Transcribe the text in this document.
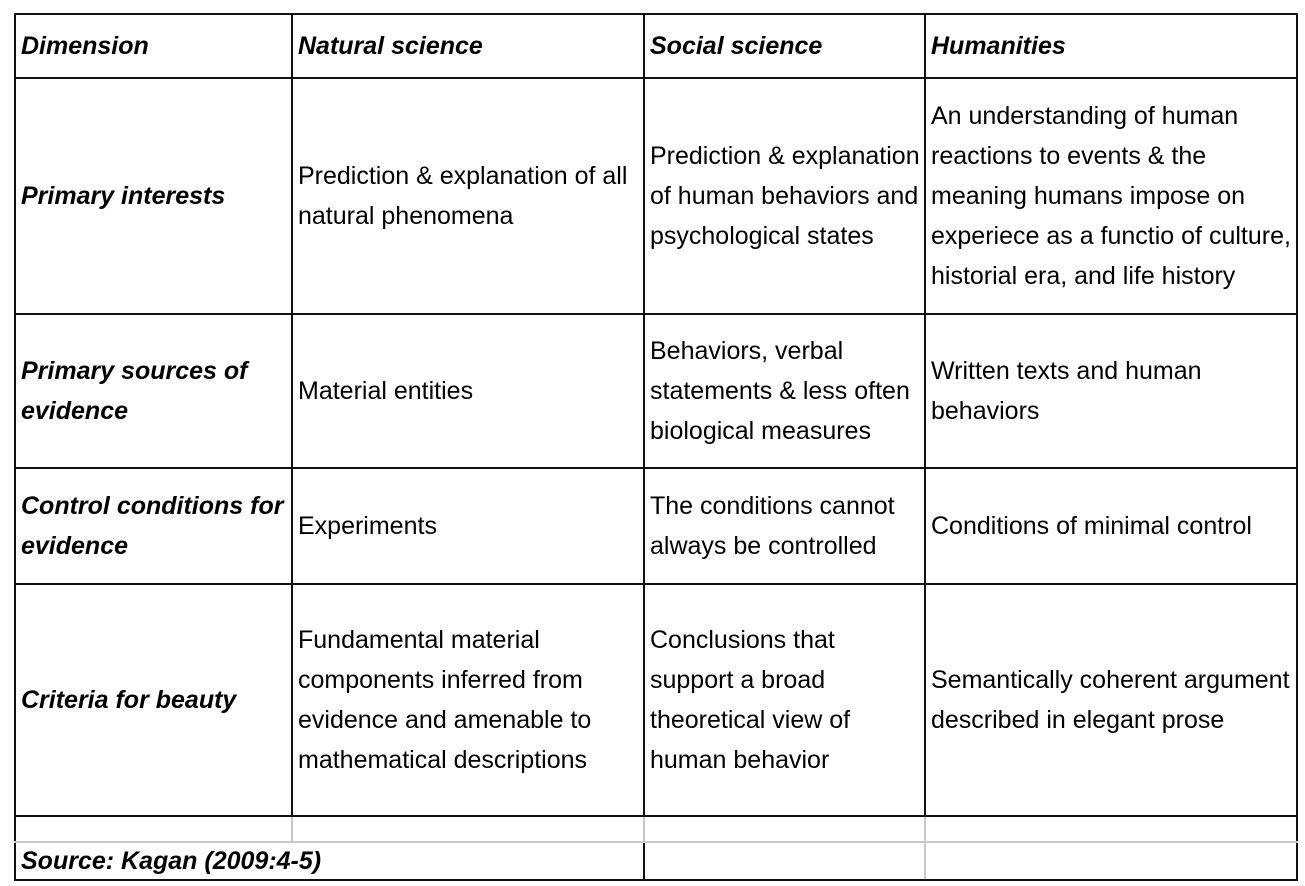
Dimension	Natural science	Social science	Humanities
Primary interests	Prediction & explanation of all natural phenomena	Prediction & explanation of human behaviors and psychological states	An understanding of human reactions to events & the meaning humans impose on experiece as a functio of culture, historial era, and life history
Primary sources of evidence	Material entities	Behaviors, verbal statements & less often biological measures	Written texts and human behaviors
Control conditions for evidence	Experiments	The conditions cannot always be controlled	Conditions of minimal control
Criteria for beauty	Fundamental material components inferred from evidence and amenable to mathematical descriptions	Conclusions that support a broad theoretical view of human behavior	Semantically coherent argument described in elegant prose

Source: Kagan (2009:4-5)			
